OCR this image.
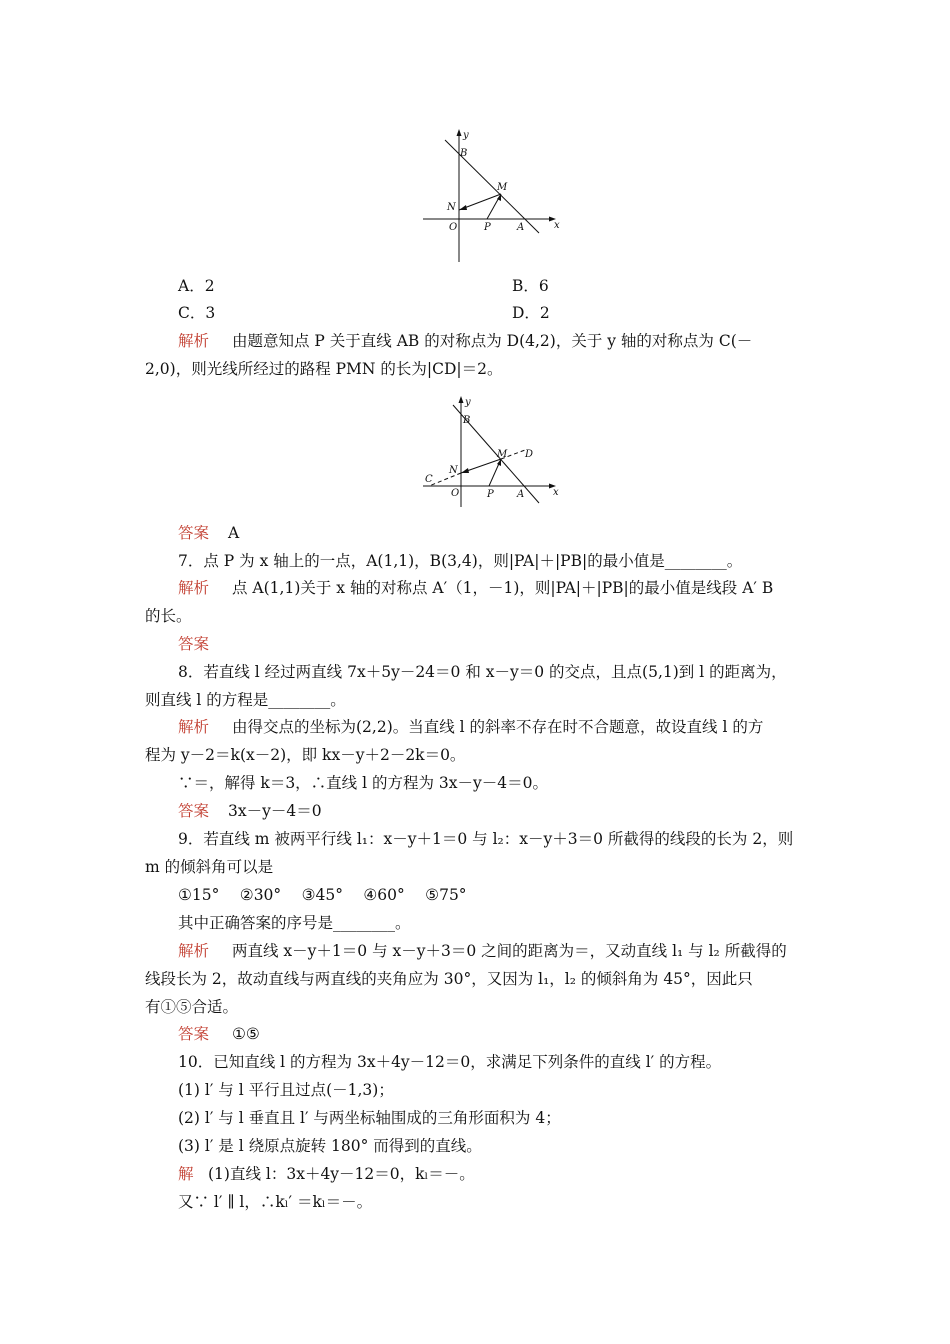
y
x
B
M
N
O	P	A
A．2	B．6
C．3	D．2
解析 由题意知点 P 关于直线 AB 的对称点为 D(4,2)，关于 y 轴的对称点为 C(－
2,0)，则光线所经过的路程 PMN 的长为|CD|＝2。
y
x
B
M
N
O	P A
C
D
答案 A
7．点 P 为 x 轴上的一点，A(1,1)，B(3,4)，则|PA|＋|PB|的最小值是________。
解析 点 A(1,1)关于 x 轴的对称点 A′（1，－1)，则|PA|＋|PB|的最小值是线段 A′ B
的长。
答案
8．若直线 l 经过两直线 7x＋5y－24＝0 和 x－y＝0 的交点，且点(5,1)到 l 的距离为，
则直线 l 的方程是________。
解析 由得交点的坐标为(2,2)。当直线 l 的斜率不存在时不合题意，故设直线 l 的方
程为 y－2＝k(x－2)，即 kx－y＋2－2k＝0。
∵＝，解得 k＝3，∴直线 l 的方程为 3x－y－4＝0。
答案 3x－y－4＝0
9．若直线 m 被两平行线 l₁：x－y＋1＝0 与 l₂：x－y＋3＝0 所截得的线段的长为 2，则
m 的倾斜角可以是
①15°　 ②30°　 ③45°　 ④60°　 ⑤75°
其中正确答案的序号是________。
解析 两直线 x－y＋1＝0 与 x－y＋3＝0 之间的距离为＝，又动直线 l₁ 与 l₂ 所截得的
线段长为 2，故动直线与两直线的夹角应为 30°，又因为 l₁，l₂ 的倾斜角为 45°，因此只
有①⑤合适。
答案 ①⑤
10．已知直线 l 的方程为 3x＋4y－12＝0，求满足下列条件的直线 l′ 的方程。
(1) l′ 与 l 平行且过点(－1,3)；
(2) l′ 与 l 垂直且 l′ 与两坐标轴围成的三角形面积为 4；
(3) l′ 是 l 绕原点旋转 180° 而得到的直线。
解 (1)直线 l：3x＋4y－12＝0，kₗ＝－。
又∵ l′ ∥ l，∴kₗ′ ＝kₗ＝－。
